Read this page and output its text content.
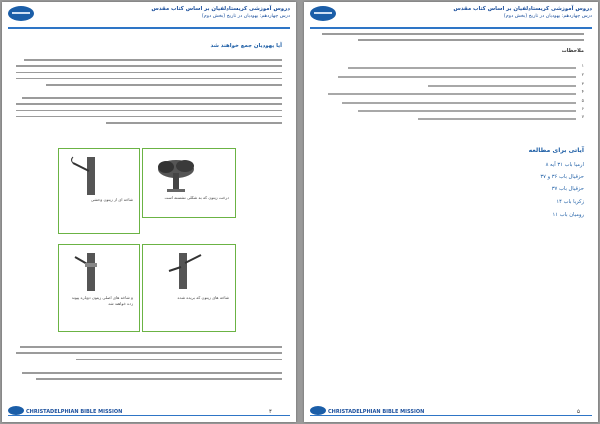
دروس آموزشی کریستادلفیان بر اساس کتاب مقدس
درس چهاردهم: یهودیان در تاریخ (بخش دوم)
آیا یهودیان جمع خواهند شد
درخت زیتون که به شکلی نشسته است
شاخه ای از زیتون وحشی
شاخه های زیتون که بریده شده
و شاخه های اصلی زیتون دوباره پیوند زده خواهند شد
CHRISTADELPHIAN BIBLE MISSION	۴
دروس آموزشی کریستادلفیان بر اساس کتاب مقدس
درس چهاردهم: یهودیان در تاریخ (بخش دوم)
ملاحظات
۱
۲
۳
۴
۵
۶
۷
آیاتی برای مطالعه
ارمیا باب ۳۱ آیه ۸
حزقیال باب ۳۶ و ۳۷
حزقیال باب ۳۷
زکریا باب ۱۴
رومیان باب ۱۱
CHRISTADELPHIAN BIBLE MISSION	۵
